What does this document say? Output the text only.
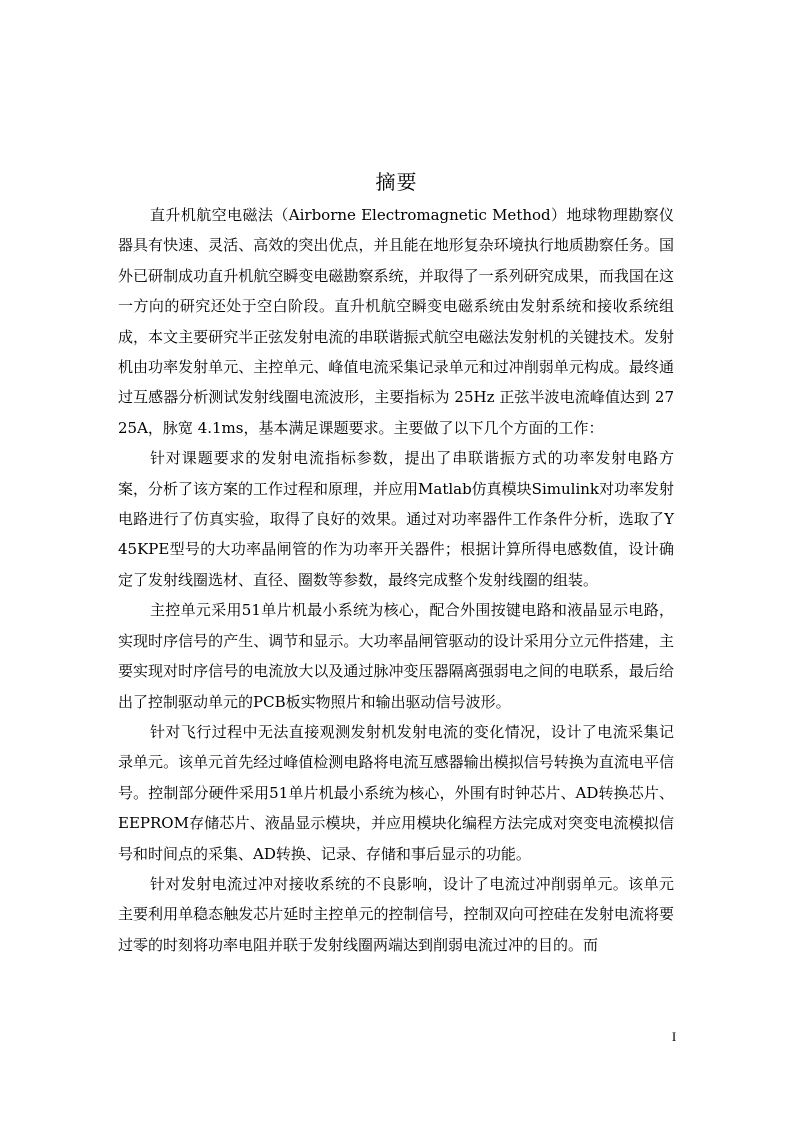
摘要

直升机航空电磁法（Airborne Electromagnetic Method）地球物理勘察仪器具有快速、灵活、高效的突出优点，并且能在地形复杂环境执行地质勘察任务。国外已研制成功直升机航空瞬变电磁勘察系统，并取得了一系列研究成果，而我国在这一方向的研究还处于空白阶段。直升机航空瞬变电磁系统由发射系统和接收系统组成，本文主要研究半正弦发射电流的串联谐振式航空电磁法发射机的关键技术。发射机由功率发射单元、主控单元、峰值电流采集记录单元和过冲削弱单元构成。最终通过互感器分析测试发射线圈电流波形，主要指标为 25Hz 正弦半波电流峰值达到 2725A，脉宽 4.1ms，基本满足课题要求。主要做了以下几个方面的工作：

针对课题要求的发射电流指标参数，提出了串联谐振方式的功率发射电路方案，分析了该方案的工作过程和原理，并应用Matlab仿真模块Simulink对功率发射电路进行了仿真实验，取得了良好的效果。通过对功率器件工作条件分析，选取了Y45KPE型号的大功率晶闸管的作为功率开关器件；根据计算所得电感数值，设计确定了发射线圈选材、直径、圈数等参数，最终完成整个发射线圈的组装。

主控单元采用51单片机最小系统为核心，配合外围按键电路和液晶显示电路，实现时序信号的产生、调节和显示。大功率晶闸管驱动的设计采用分立元件搭建，主要实现对时序信号的电流放大以及通过脉冲变压器隔离强弱电之间的电联系，最后给出了控制驱动单元的PCB板实物照片和输出驱动信号波形。

针对飞行过程中无法直接观测发射机发射电流的变化情况，设计了电流采集记录单元。该单元首先经过峰值检测电路将电流互感器输出模拟信号转换为直流电平信号。控制部分硬件采用51单片机最小系统为核心，外围有时钟芯片、AD转换芯片、EEPROM存储芯片、液晶显示模块，并应用模块化编程方法完成对突变电流模拟信号和时间点的采集、AD转换、记录、存储和事后显示的功能。

针对发射电流过冲对接收系统的不良影响，设计了电流过冲削弱单元。该单元主要利用单稳态触发芯片延时主控单元的控制信号，控制双向可控硅在发射电流将要过零的时刻将功率电阻并联于发射线圈两端达到削弱电流过冲的目的。而

I
